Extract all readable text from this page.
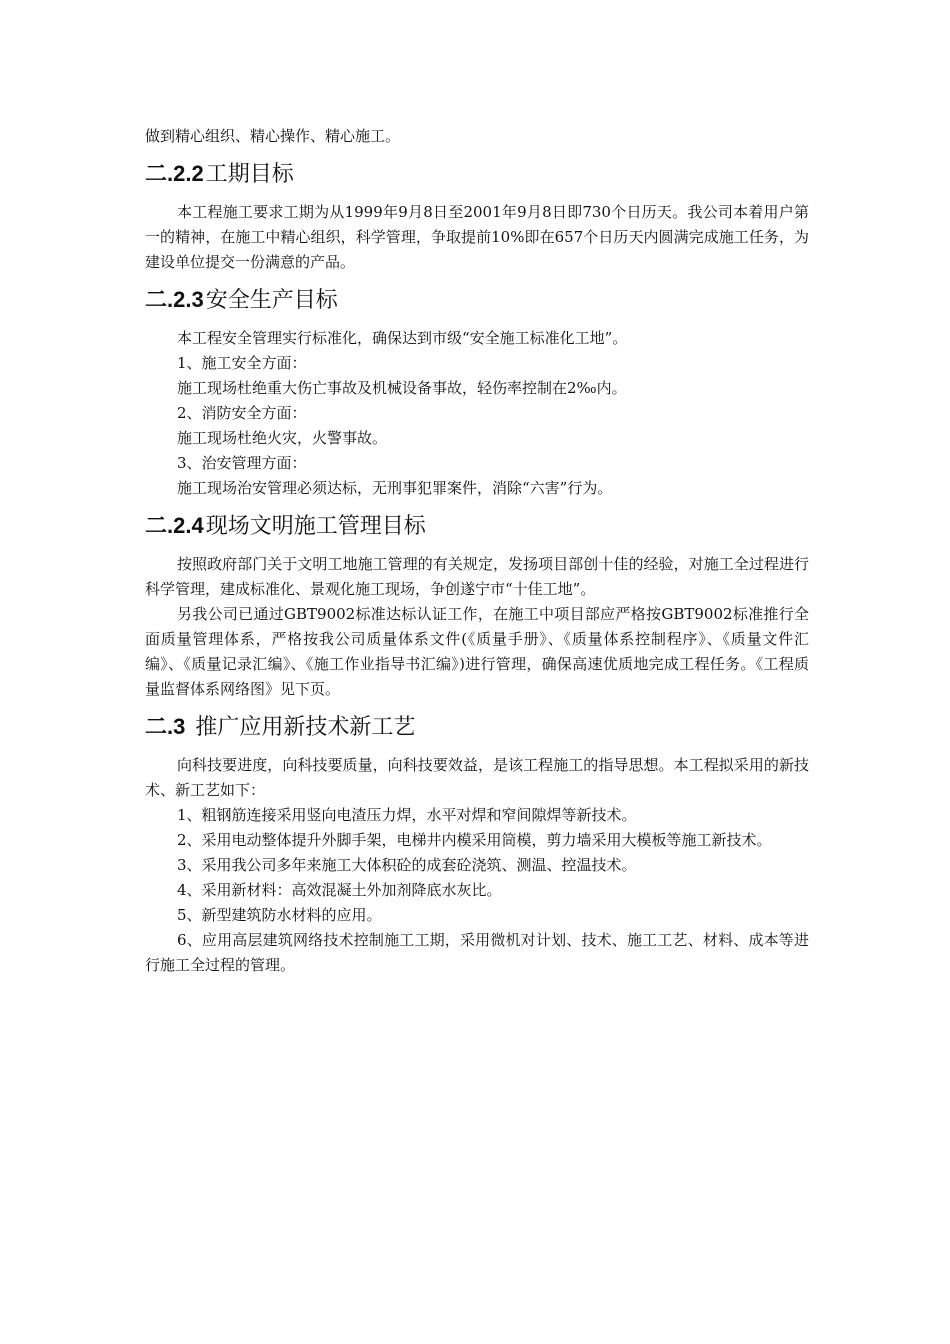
做到精心组织、精心操作、精心施工。

二.2.2工期目标

本工程施工要求工期为从1999年9月8日至2001年9月8日即730个日历天。我公司本着用户第一的精神，在施工中精心组织，科学管理，争取提前10%即在657个日历天内圆满完成施工任务，为建设单位提交一份满意的产品。

二.2.3安全生产目标

本工程安全管理实行标准化，确保达到市级“安全施工标准化工地”。

1、施工安全方面：

施工现场杜绝重大伤亡事故及机械设备事故，轻伤率控制在2‰内。

2、消防安全方面：

施工现场杜绝火灾，火警事故。

3、治安管理方面：

施工现场治安管理必须达标，无刑事犯罪案件，消除“六害”行为。

二.2.4现场文明施工管理目标

按照政府部门关于文明工地施工管理的有关规定，发扬项目部创十佳的经验，对施工全过程进行科学管理，建成标准化、景观化施工现场，争创遂宁市“十佳工地”。

另我公司已通过GBT9002标准达标认证工作，在施工中项目部应严格按GBT9002标准推行全面质量管理体系，严格按我公司质量体系文件(《质量手册》、《质量体系控制程序》、《质量文件汇编》、《质量记录汇编》、《施工作业指导书汇编》)进行管理，确保高速优质地完成工程任务。《工程质量监督体系网络图》见下页。

二.3 推广应用新技术新工艺

向科技要进度，向科技要质量，向科技要效益，是该工程施工的指导思想。本工程拟采用的新技术、新工艺如下：

1、粗钢筋连接采用竖向电渣压力焊，水平对焊和窄间隙焊等新技术。

2、采用电动整体提升外脚手架，电梯井内模采用筒模，剪力墙采用大模板等施工新技术。

3、采用我公司多年来施工大体积砼的成套砼浇筑、测温、控温技术。

4、采用新材料：高效混凝土外加剂降底水灰比。

5、新型建筑防水材料的应用。

6、应用高层建筑网络技术控制施工工期，采用微机对计划、技术、施工工艺、材料、成本等进行施工全过程的管理。
